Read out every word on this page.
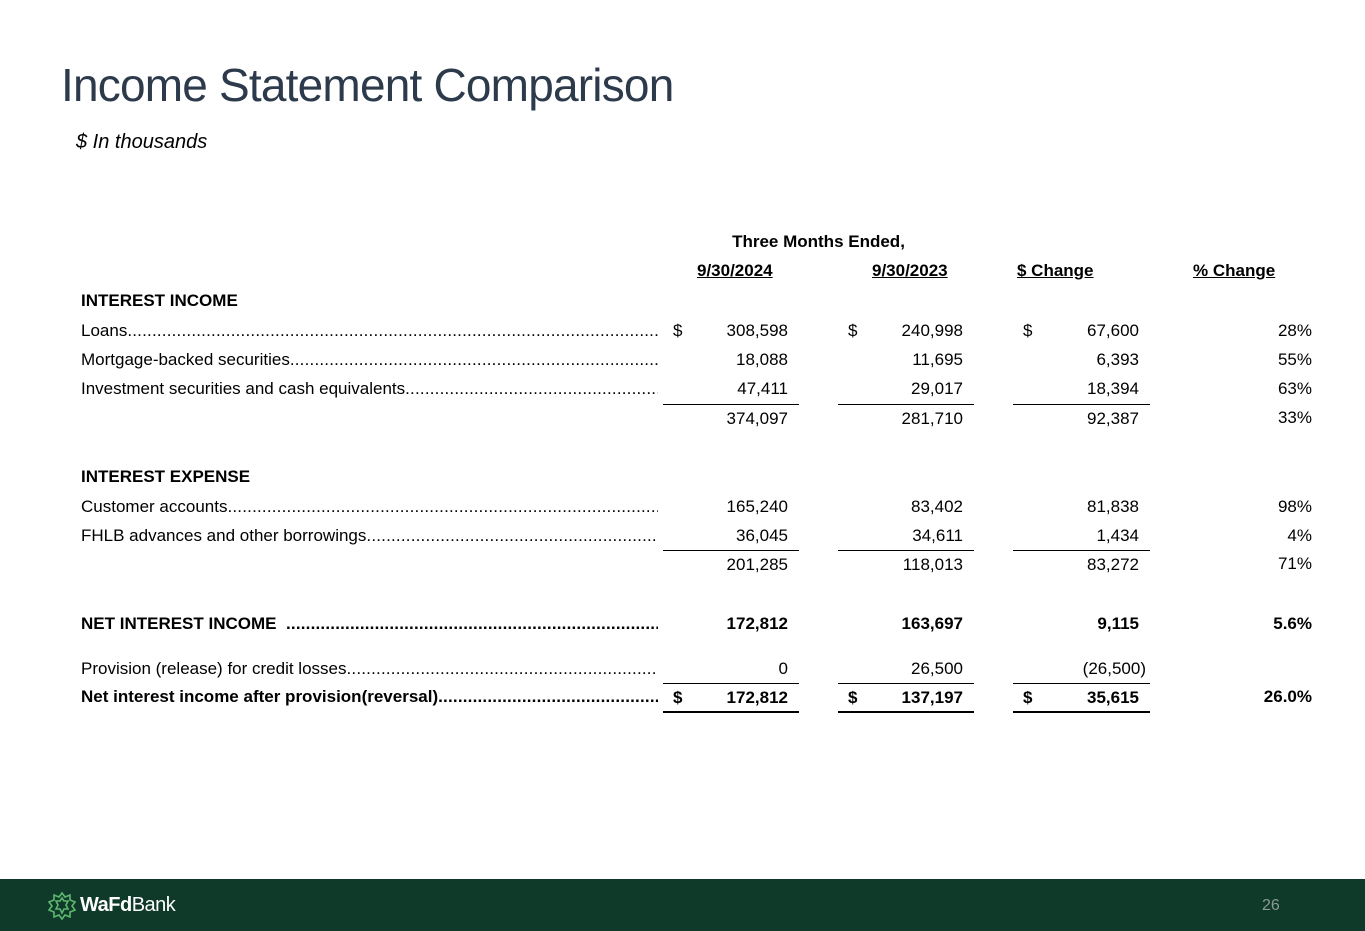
Income Statement Comparison
$ In thousands
Three Months Ended,
9/30/2024	9/30/2023	$ Change	% Change
INTEREST INCOME
Loans .....	$	308,598	$	240,998	$	67,600	28%
Mortgage-backed securities .....	18,088	11,695	6,393	55%
Investment securities and cash equivalents .....	47,411	29,017	18,394	63%
374,097	281,710	92,387	33%
INTEREST EXPENSE
Customer accounts .....	165,240	83,402	81,838	98%
FHLB advances and other borrowings .....	36,045	34,611	1,434	4%
201,285	118,013	83,272	71%
NET INTEREST INCOME   .....	172,812	163,697	9,115	5.6%
Provision (release) for credit losses .....	0	26,500	(26,500)
Net interest income after provision(reversal) .....	$	172,812	$	137,197	$	35,615	26.0%
WaFdBank	26
